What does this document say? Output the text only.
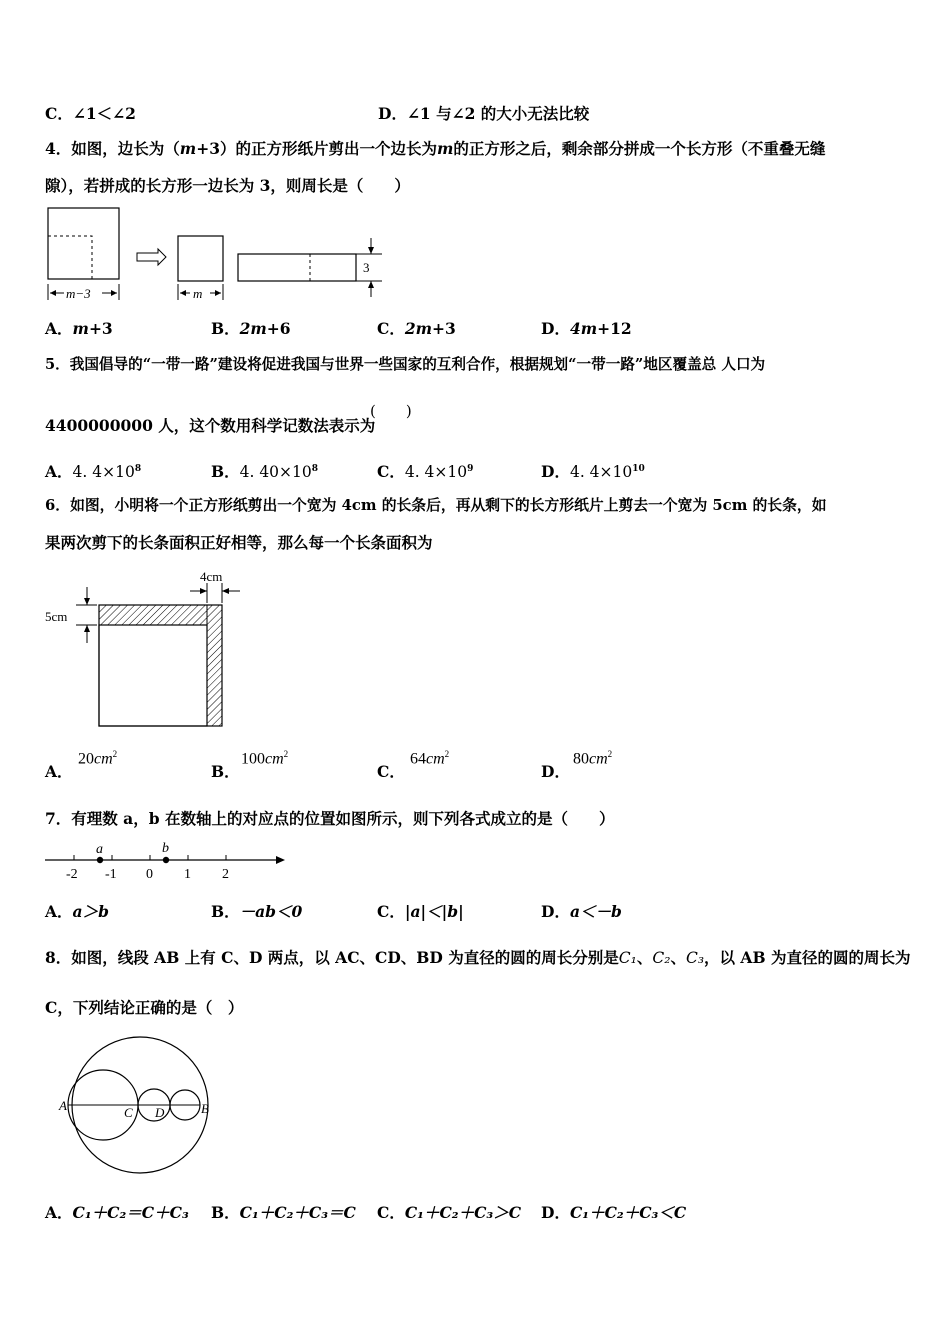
C．∠1＜∠2	D．∠1 与∠2 的大小无法比较
4．如图，边长为（m+3）的正方形纸片剪出一个边长为m的正方形之后，剩余部分拼成一个长方形（不重叠无缝
隙），若拼成的长方形一边长为 3，则周长是（　　）
m−3	m
3
A．m+3	B．2m+6	C．2m+3	D．4m+12
5．我国倡导的“一带一路”建设将促进我国与世界一些国家的互利合作，根据规划“一带一路”地区覆盖总 人口为
(　　)
4400000000 人，这个数用科学记数法表示为
A．4. $4\times 10^8$	B．4. $40\times 10^8$	C．4. $4\times 10^9$	D．4. $4\times 10^{10}$
6．如图，小明将一个正方形纸剪出一个宽为 4cm 的长条后，再从剩下的长方形纸片上剪去一个宽为 5cm 的长条，如
果两次剪下的长条面积正好相等，那么每一个长条面积为
4cm
5cm
A．
$20cm^2$
B．
$100cm^2$
C．
$64cm^2$
D．
$80cm^2$
7．有理数 a，b 在数轴上的对应点的位置如图所示，则下列各式成立的是（　　）
a	b
-2 -1 0 1 2
A．a＞b	B．－ab＜0	C．|a|＜|b|	D．a＜－b
8．如图，线段 AB 上有 C、D 两点，以 AC、CD、BD 为直径的圆的周长分别是C₁、C₂、C₃，以 AB 为直径的圆的周长为
C，下列结论正确的是（　）
A	C D	B
A．C₁＋C₂＝C＋C₃ B．C₁＋C₂＋C₃＝C C．C₁＋C₂＋C₃＞C D．C₁＋C₂＋C₃＜C
